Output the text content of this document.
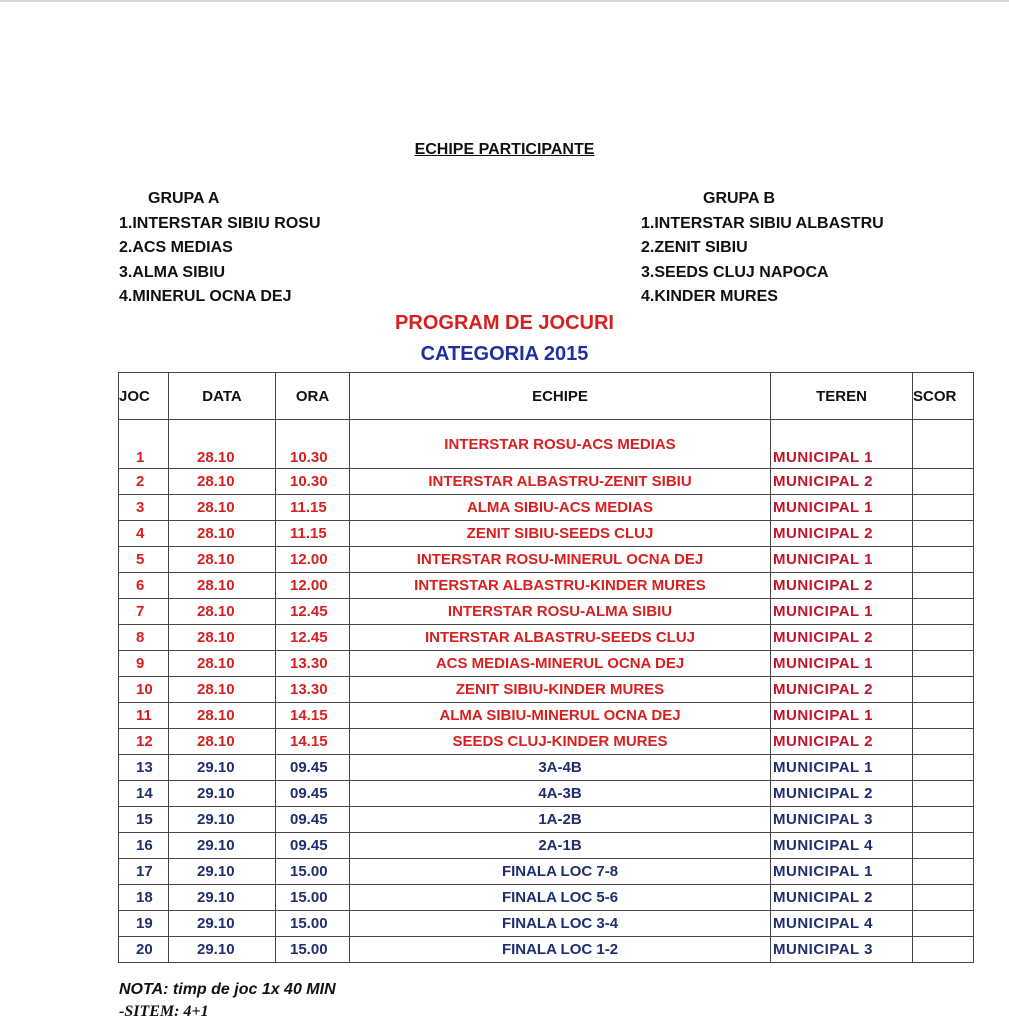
ECHIPE PARTICIPANTE
GRUPA A
1.INTERSTAR SIBIU ROSU
2.ACS MEDIAS
3.ALMA SIBIU
4.MINERUL OCNA DEJ
GRUPA B
1.INTERSTAR SIBIU ALBASTRU
2.ZENIT SIBIU
3.SEEDS CLUJ NAPOCA
4.KINDER MURES
PROGRAM DE JOCURI
CATEGORIA 2015
JOC	DATA	ORA	ECHIPE	TEREN	SCOR
1	28.10	10.30	INTERSTAR ROSU-ACS MEDIAS	MUNICIPAL 1	
2	28.10	10.30	INTERSTAR ALBASTRU-ZENIT SIBIU	MUNICIPAL 2	
3	28.10	11.15	ALMA SIBIU-ACS MEDIAS	MUNICIPAL 1	
4	28.10	11.15	ZENIT SIBIU-SEEDS CLUJ	MUNICIPAL 2	
5	28.10	12.00	INTERSTAR ROSU-MINERUL OCNA DEJ	MUNICIPAL 1	
6	28.10	12.00	INTERSTAR ALBASTRU-KINDER MURES	MUNICIPAL 2	
7	28.10	12.45	INTERSTAR ROSU-ALMA SIBIU	MUNICIPAL 1	
8	28.10	12.45	INTERSTAR ALBASTRU-SEEDS CLUJ	MUNICIPAL 2	
9	28.10	13.30	ACS MEDIAS-MINERUL OCNA DEJ	MUNICIPAL 1	
10	28.10	13.30	ZENIT SIBIU-KINDER MURES	MUNICIPAL 2	
11	28.10	14.15	ALMA SIBIU-MINERUL OCNA DEJ	MUNICIPAL 1	
12	28.10	14.15	SEEDS CLUJ-KINDER MURES	MUNICIPAL 2	
13	29.10	09.45	3A-4B	MUNICIPAL 1	
14	29.10	09.45	4A-3B	MUNICIPAL 2	
15	29.10	09.45	1A-2B	MUNICIPAL 3	
16	29.10	09.45	2A-1B	MUNICIPAL 4	
17	29.10	15.00	FINALA LOC 7-8	MUNICIPAL 1	
18	29.10	15.00	FINALA LOC 5-6	MUNICIPAL 2	
19	29.10	15.00	FINALA LOC 3-4	MUNICIPAL 4	
20	29.10	15.00	FINALA LOC 1-2	MUNICIPAL 3	
NOTA: timp de joc 1x 40 MIN
-SITEM: 4+1
